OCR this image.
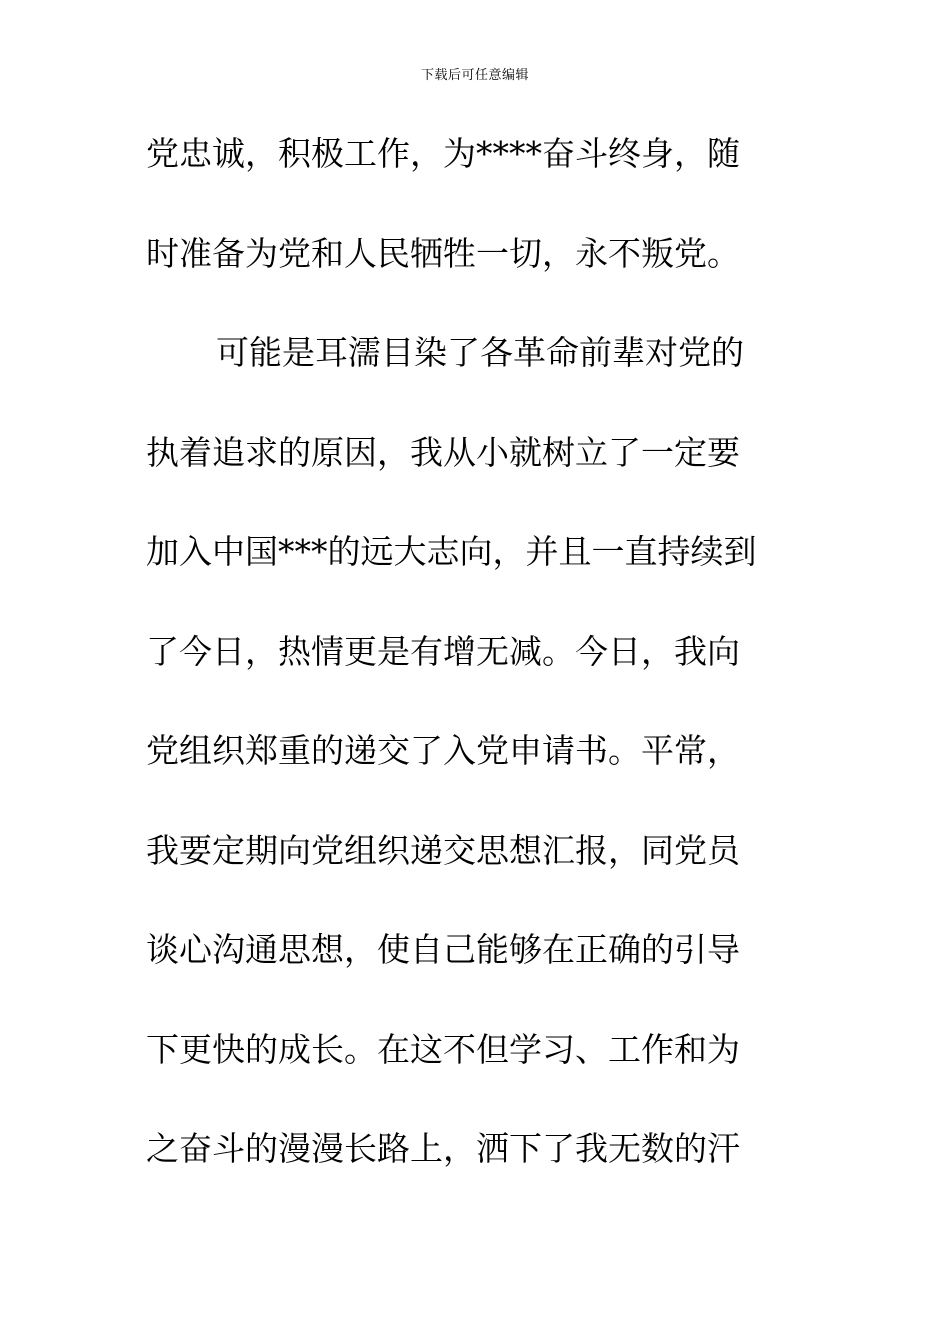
下载后可任意编辑
党忠诚，积极工作，为****奋斗终身，随
时准备为党和人民牺牲一切，永不叛党。
可能是耳濡目染了各革命前辈对党的
执着追求的原因，我从小就树立了一定要
加入中国***的远大志向，并且一直持续到
了今日，热情更是有增无减。今日，我向
党组织郑重的递交了入党申请书。平常，
我要定期向党组织递交思想汇报，同党员
谈心沟通思想，使自己能够在正确的引导
下更快的成长。在这不但学习、工作和为
之奋斗的漫漫长路上，洒下了我无数的汗
